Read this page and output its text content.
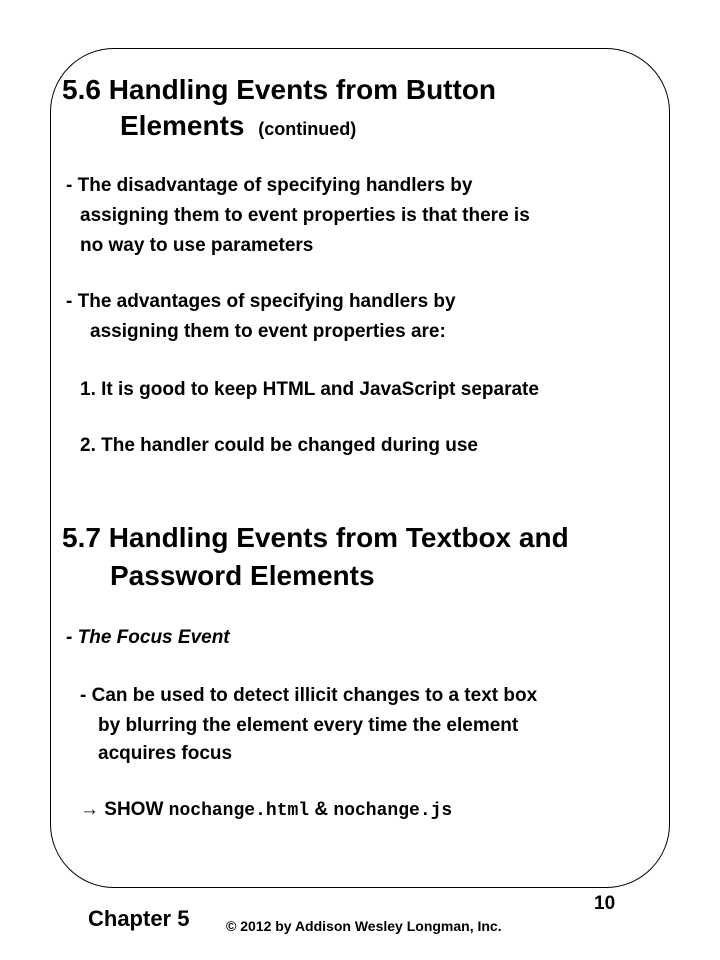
5.6 Handling Events from Button
Elements (continued)
- The disadvantage of specifying handlers by
assigning them to event properties is that there is
no way to use parameters
- The advantages of specifying handlers by
assigning them to event properties are:
1. It is good to keep HTML and JavaScript separate
2. The handler could be changed during use
5.7 Handling Events from Textbox and
Password Elements
- The Focus Event
- Can be used to detect illicit changes to a text box
by blurring the element every time the element
acquires focus
→ SHOW nochange.html & nochange.js
Chapter 5	© 2012 by Addison Wesley Longman, Inc.
10
